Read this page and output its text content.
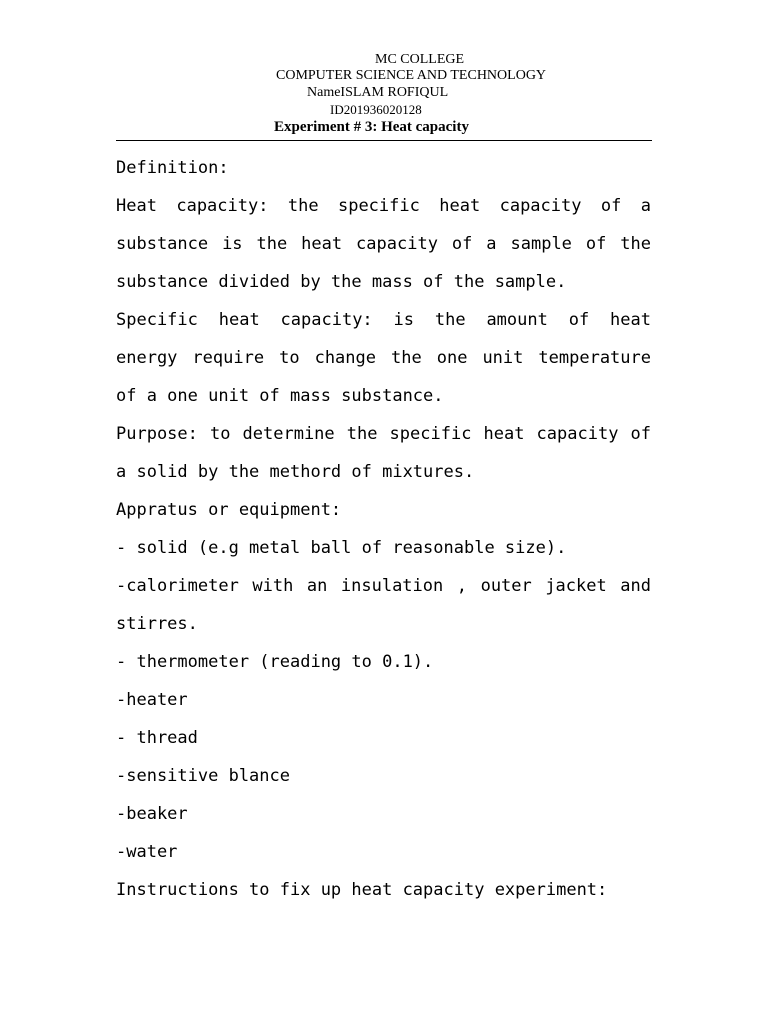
MC COLLEGE
COMPUTER SCIENCE AND TECHNOLOGY
NameISLAM ROFIQUL
ID201936020128
Experiment # 3: Heat capacity
Definition:
Heat capacity: the specific heat capacity of a
substance is the heat capacity of a sample of the
substance divided by the mass of the sample.
Specific heat capacity: is the amount of heat
energy require to change the one unit temperature
of a one unit of mass substance.
Purpose: to determine the specific heat capacity of
a solid by the methord of mixtures.
Appratus or equipment:
- solid (e.g metal ball of reasonable size).
-calorimeter with an insulation , outer jacket and
stirres.
- thermometer (reading to 0.1).
-heater
- thread
-sensitive blance
-beaker
-water
Instructions to fix up heat capacity experiment:
